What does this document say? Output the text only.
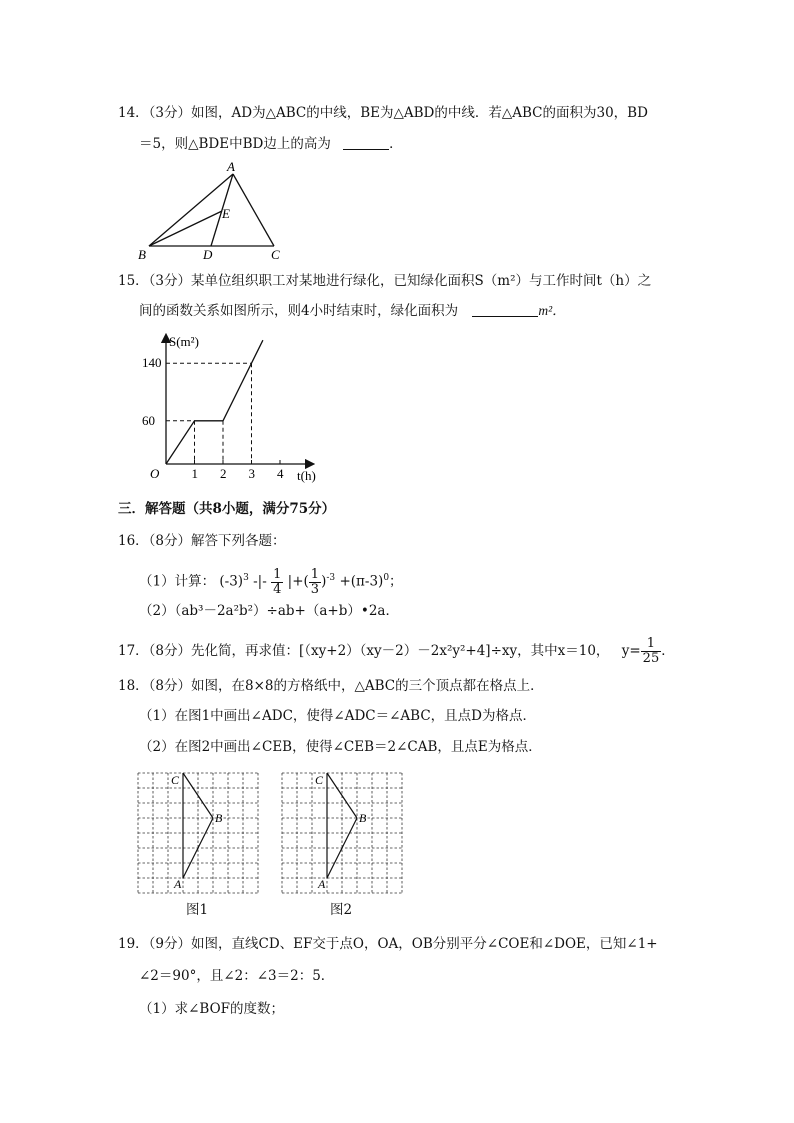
14．（3分）如图，AD为△ABC的中线，BE为△ABD的中线．若△ABC的面积为30，BD
＝5，则△BDE中BD边上的高为	．
A
B	C
D
E
15．（3分）某单位组织职工对某地进行绿化，已知绿化面积S（m²）与工作时间t（h）之
间的函数关系如图所示，则4小时结束时，绿化面积为	m²．
140
60
1 2 3 4
S(m²)
t(h)
O
三．解答题（共8小题，满分75分）
16．（8分）解答下列各题：
（1）计算： $(-3)^3$ -|- $\frac{1}{4}$ |+( $\frac{1}{3} )^{-3} +(\pi-3)^0$；
（2）（ab³－2a²b²）÷ab+（a+b）•2a．
17．（8分）先化简，再求值：[（xy+2）（xy－2）－2x²y²+4]÷xy，其中x＝10， $y= \frac{1}{25}$ ．
18．（8分）如图，在8×8的方格纸中，△ABC的三个顶点都在格点上．
（1）在图1中画出∠ADC，使得∠ADC＝∠ABC，且点D为格点．
（2）在图2中画出∠CEB，使得∠CEB＝2∠CAB，且点E为格点．
C
B
A
图1
C
B
A
图2
19．（9分）如图，直线CD、EF交于点O，OA，OB分别平分∠COE和∠DOE，已知∠1+
∠2＝90°，且∠2：∠3＝2：5．
（1）求∠BOF的度数；
